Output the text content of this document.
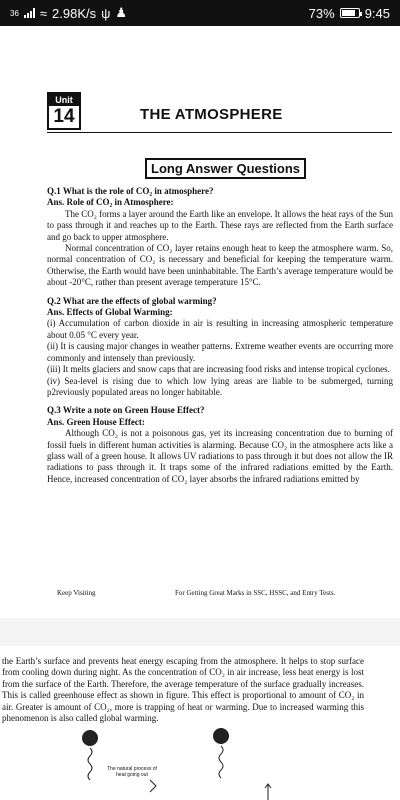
36 ≈ 2.98K/s ψ ♟	73% 9:45
Unit
14	THE ATMOSPHERE
Long Answer Questions
Q.1 What is the role of CO₂ in atmosphere?
Ans. Role of CO₂ in Atmosphere:
The CO₂ forms a layer around the Earth like an envelope. It allows the heat rays of the Sun to pass through it and reaches up to the Earth. These rays are reflected from the Earth surface and go back to upper atmosphere.
Normal concentration of CO₂ layer retains enough heat to keep the atmosphere warm. So, normal concentration of CO₂ is necessary and beneficial for keeping the temperature warm. Otherwise, the Earth would have been uninhabitable. The Earth’s average temperature would be about -20°C, rather than present average temperature 15°C.
Q.2 What are the effects of global warming?
Ans. Effects of Global Warming:
(i) Accumulation of carbon dioxide in air is resulting in increasing atmospheric temperature about 0.05 °C every year.
(ii) It is causing major changes in weather patterns. Extreme weather events are occurring more commonly and intensely than previously.
(iii) It melts glaciers and snow caps that are increasing food risks and intense tropical cyclones.
(iv) Sea-level is rising due to which low lying areas are liable to be submerged, turning p2reviously populated areas no longer habitable.
Q.3 Write a note on Green House Effect?
Ans. Green House Effect:
Although CO₂ is not a poisonous gas, yet its increasing concentration due to burning of fossil fuels in different human activities is alarming. Because CO₂ in the atmosphere acts like a glass wall of a green house. It allows UV radiations to pass through it but does not allow the IR radiations to pass through it. It traps some of the infrared radiations emitted by the Earth. Hence, increased concentration of CO₂ layer absorbs the infrared radiations emitted by
Keep Visiting	For Getting Great Marks in SSC, HSSC, and Entry Tests.
the Earth’s surface and prevents heat energy escaping from the atmosphere. It helps to stop surface from cooling down during night. As the concentration of CO₂ in air increase, less heat energy is lost from the surface of the Earth. Therefore, the average temperature of the surface gradually increases. This is called greenhouse effect as shown in figure. This effect is proportional to amount of CO₂ in air. Greater is amount of CO₂, more is trapping of heat or warming. Due to increased warming this phenomenon is also called global warming.
The natural process of heat going out
